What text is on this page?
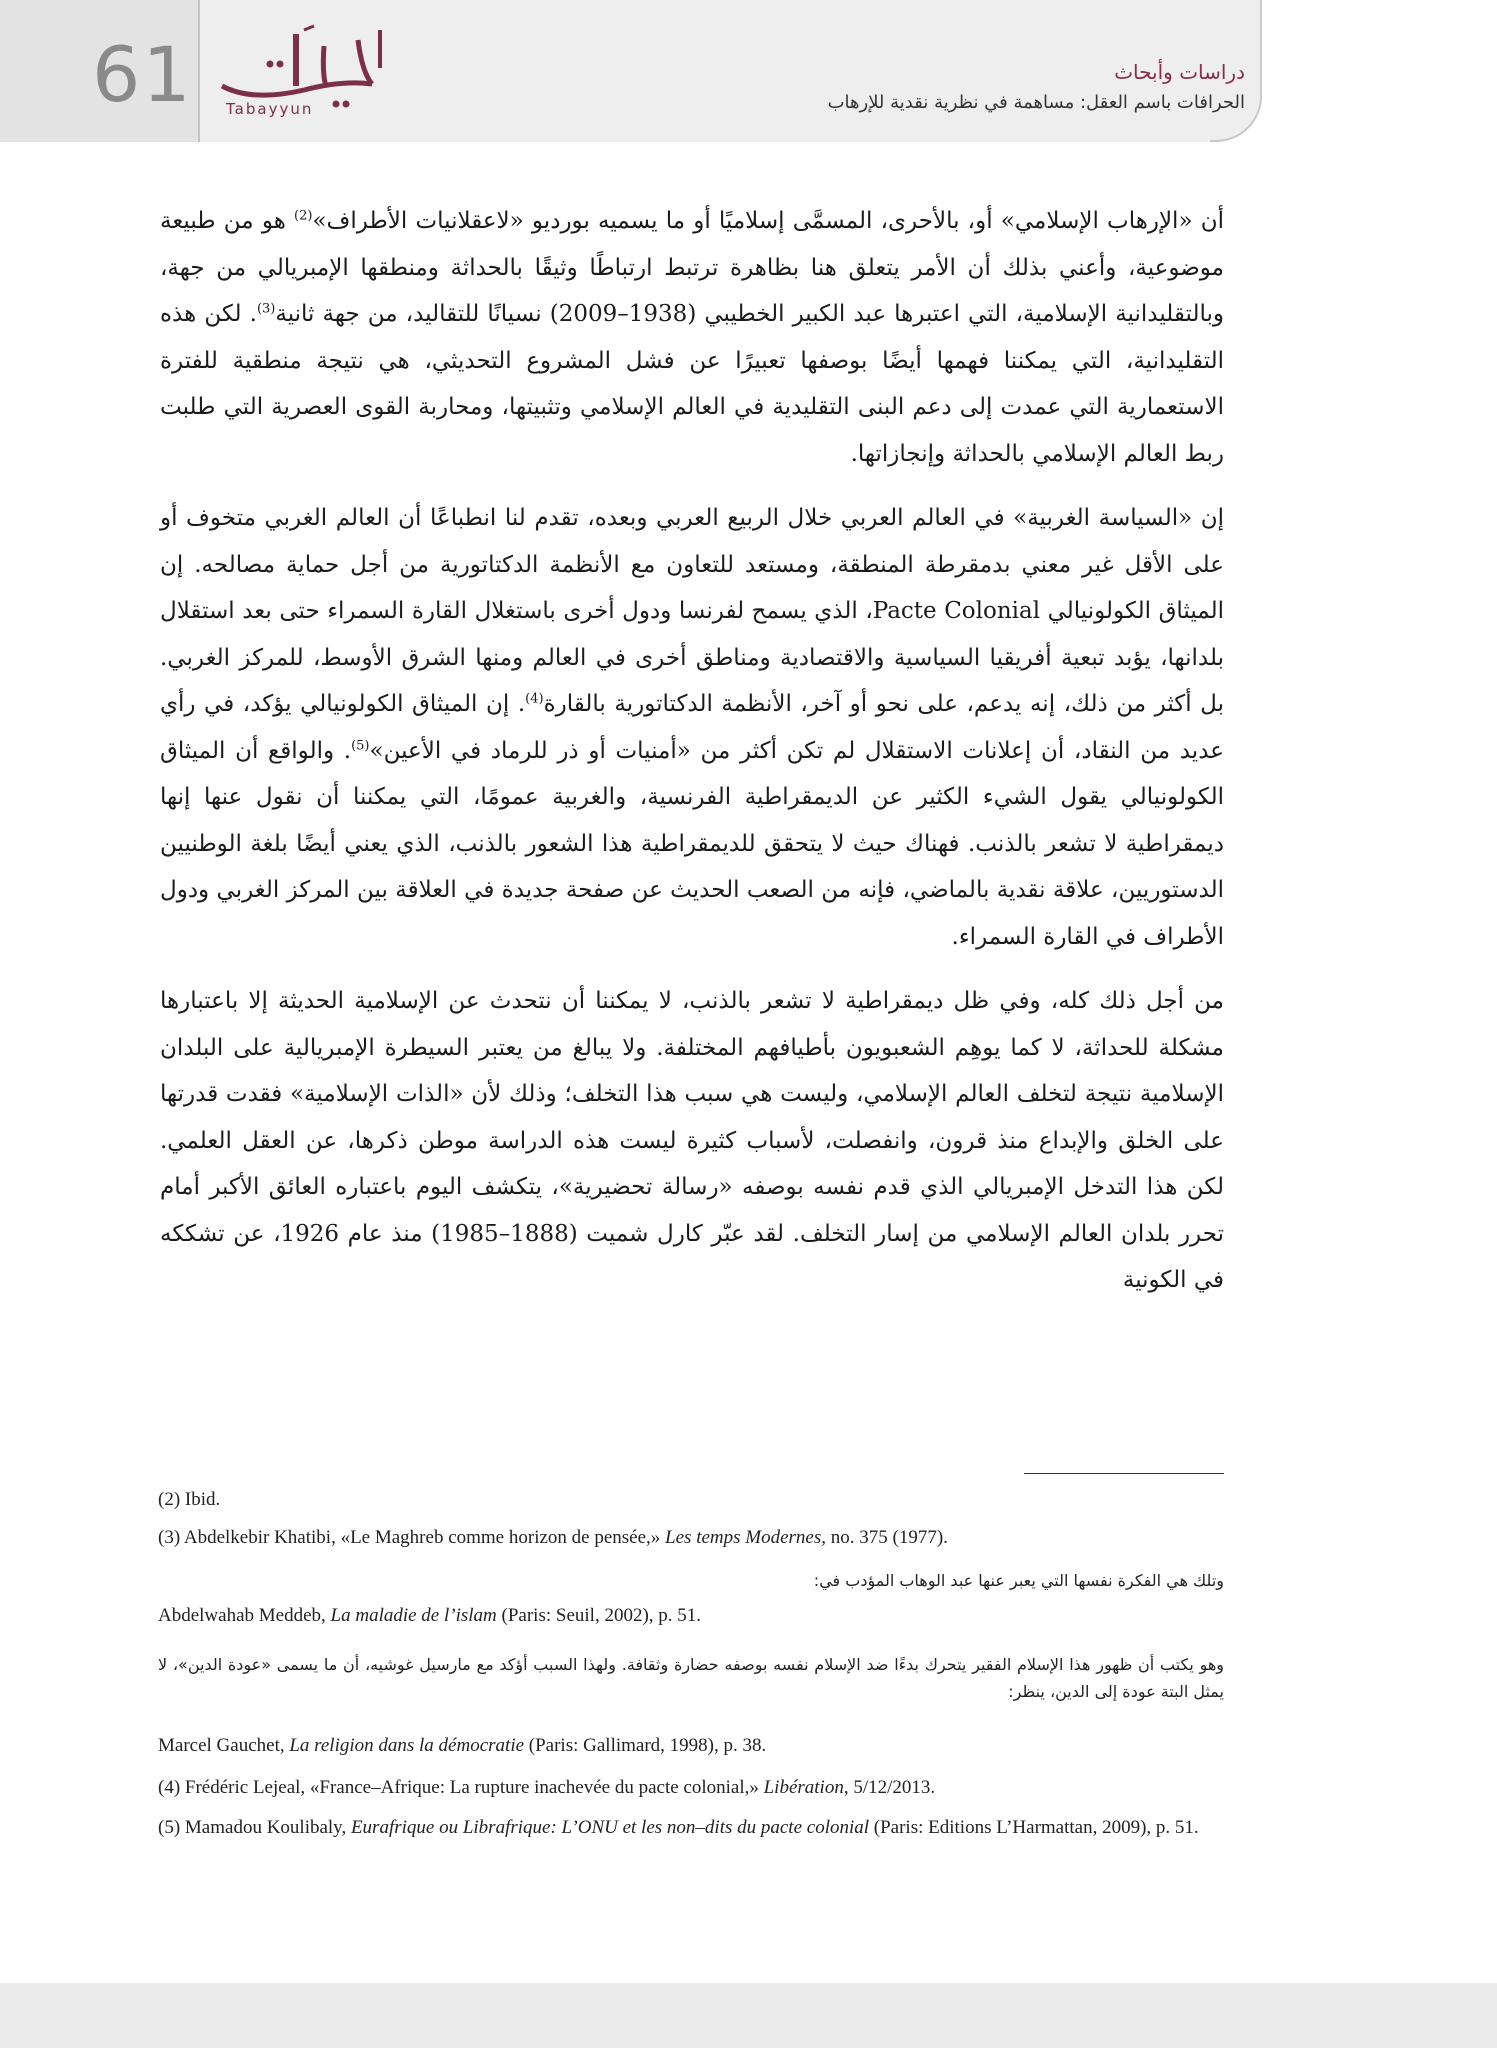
61 Tabayyun
دراسات وأبحاث
الحرافات باسم العقل: مساهمة في نظرية نقدية للإرهاب

أن «الإرهاب الإسلامي» أو، بالأحرى، المسمَّى إسلاميًا أو ما يسميه بورديو «لاعقلانيات الأطراف»$^{(2)}$ هو من طبيعة موضوعية، وأعني بذلك أن الأمر يتعلق هنا بظاهرة ترتبط ارتباطًا وثيقًا بالحداثة ومنطقها الإمبريالي من جهة، وبالتقليدانية الإسلامية، التي اعتبرها عبد الكبير الخطيبي (1938–2009) نسيانًا للتقاليد، من جهة ثانية$^{(3)}$. لكن هذه التقليدانية، التي يمكننا فهمها أيضًا بوصفها تعبيرًا عن فشل المشروع التحديثي، هي نتيجة منطقية للفترة الاستعمارية التي عمدت إلى دعم البنى التقليدية في العالم الإسلامي وتثبيتها، ومحاربة القوى العصرية التي طلبت ربط العالم الإسلامي بالحداثة وإنجازاتها.

إن «السياسة الغربية» في العالم العربي خلال الربيع العربي وبعده، تقدم لنا انطباعًا أن العالم الغربي متخوف أو على الأقل غير معني بدمقرطة المنطقة، ومستعد للتعاون مع الأنظمة الدكتاتورية من أجل حماية مصالحه. إن الميثاق الكولونيالي Pacte Colonial، الذي يسمح لفرنسا ودول أخرى باستغلال القارة السمراء حتى بعد استقلال بلدانها، يؤبد تبعية أفريقيا السياسية والاقتصادية ومناطق أخرى في العالم ومنها الشرق الأوسط، للمركز الغربي. بل أكثر من ذلك، إنه يدعم، على نحو أو آخر، الأنظمة الدكتاتورية بالقارة$^{(4)}$. إن الميثاق الكولونيالي يؤكد، في رأي عديد من النقاد، أن إعلانات الاستقلال لم تكن أكثر من «أمنيات أو ذر للرماد في الأعين»$^{(5)}$. والواقع أن الميثاق الكولونيالي يقول الشيء الكثير عن الديمقراطية الفرنسية، والغربية عمومًا، التي يمكننا أن نقول عنها إنها ديمقراطية لا تشعر بالذنب. فهناك حيث لا يتحقق للديمقراطية هذا الشعور بالذنب، الذي يعني أيضًا بلغة الوطنيين الدستوريين، علاقة نقدية بالماضي، فإنه من الصعب الحديث عن صفحة جديدة في العلاقة بين المركز الغربي ودول الأطراف في القارة السمراء.

من أجل ذلك كله، وفي ظل ديمقراطية لا تشعر بالذنب، لا يمكننا أن نتحدث عن الإسلامية الحديثة إلا باعتبارها مشكلة للحداثة، لا كما يوهِم الشعبويون بأطيافهم المختلفة. ولا يبالغ من يعتبر السيطرة الإمبريالية على البلدان الإسلامية نتيجة لتخلف العالم الإسلامي، وليست هي سبب هذا التخلف؛ وذلك لأن «الذات الإسلامية» فقدت قدرتها على الخلق والإبداع منذ قرون، وانفصلت، لأسباب كثيرة ليست هذه الدراسة موطن ذكرها، عن العقل العلمي. لكن هذا التدخل الإمبريالي الذي قدم نفسه بوصفه «رسالة تحضيرية»، يتكشف اليوم باعتباره العائق الأكبر أمام تحرر بلدان العالم الإسلامي من إسار التخلف. لقد عبّر كارل شميت (1888–1985) منذ عام 1926، عن تشككه في الكونية

(2) Ibid.
(3) Abdelkebir Khatibi, «Le Maghreb comme horizon de pensée,» Les temps Modernes, no. 375 (1977).
وتلك هي الفكرة نفسها التي يعبر عنها عبد الوهاب المؤدب في:
Abdelwahab Meddeb, La maladie de l’islam (Paris: Seuil, 2002), p. 51.
وهو يكتب أن ظهور هذا الإسلام الفقير يتحرك بدءًا ضد الإسلام نفسه بوصفه حضارة وثقافة. ولهذا السبب أؤكد مع مارسيل غوشيه، أن ما يسمى «عودة الدين»، لا يمثل البتة عودة إلى الدين، ينظر:
Marcel Gauchet, La religion dans la démocratie (Paris: Gallimard, 1998), p. 38.
(4) Frédéric Lejeal, «France–Afrique: La rupture inachevée du pacte colonial,» Libération, 5/12/2013.
(5) Mamadou Koulibaly, Eurafrique ou Librafrique: L’ONU et les non–dits du pacte colonial (Paris: Editions L’Harmattan, 2009), p. 51.
